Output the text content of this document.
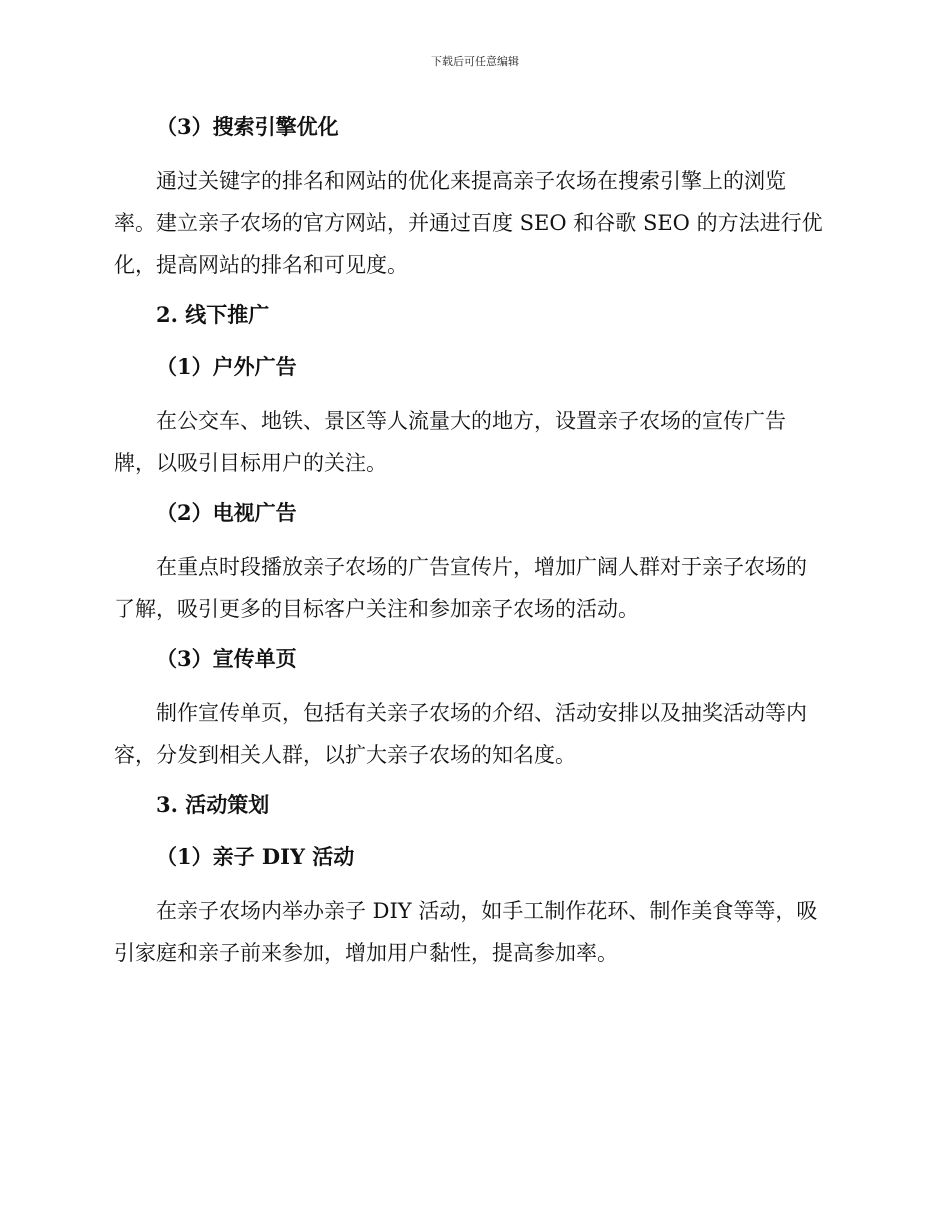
下载后可任意编辑
（3）搜索引擎优化
通过关键字的排名和网站的优化来提高亲子农场在搜索引擎上的浏览
率。建立亲子农场的官方网站，并通过百度 SEO 和谷歌 SEO 的方法进行优
化，提高网站的排名和可见度。
2. 线下推广
（1）户外广告
在公交车、地铁、景区等人流量大的地方，设置亲子农场的宣传广告
牌，以吸引目标用户的关注。
（2）电视广告
在重点时段播放亲子农场的广告宣传片，增加广阔人群对于亲子农场的
了解，吸引更多的目标客户关注和参加亲子农场的活动。
（3）宣传单页
制作宣传单页，包括有关亲子农场的介绍、活动安排以及抽奖活动等内
容，分发到相关人群，以扩大亲子农场的知名度。
3. 活动策划
（1）亲子 DIY 活动
在亲子农场内举办亲子 DIY 活动，如手工制作花环、制作美食等等，吸
引家庭和亲子前来参加，增加用户黏性，提高参加率。
